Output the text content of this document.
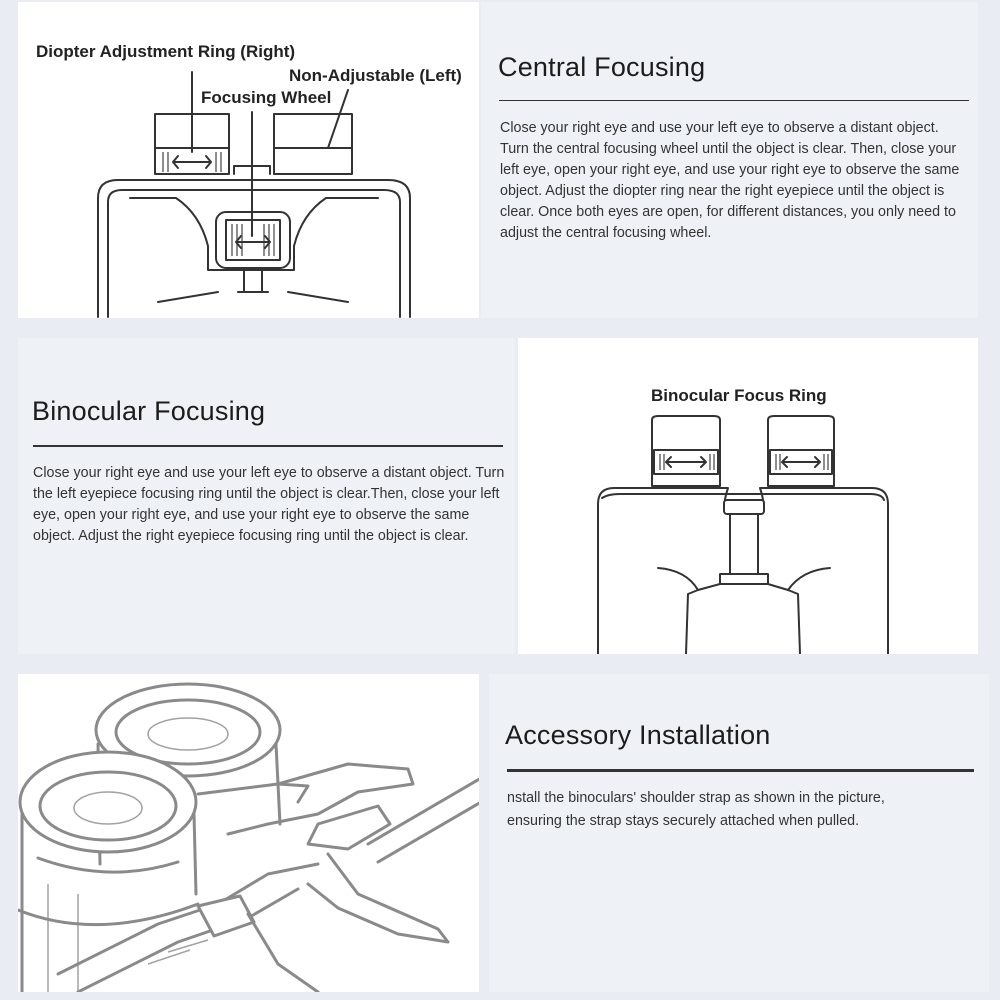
Diopter Adjustment Ring (Right)

Non-Adjustable (Left)

Focusing Wheel

Central Focusing

Close your right eye and use your left eye to observe a distant object. Turn the central focusing wheel until the object is clear. Then, close your left eye, open your right eye, and use your right eye to observe the same object. Adjust the diopter ring near the right eyepiece until the object is clear. Once both eyes are open, for different distances, you only need to adjust the central focusing wheel.

Binocular Focusing

Close your right eye and use your left eye to observe a distant object. Turn the left eyepiece focusing ring until the object is clear.Then, close your left eye, open your right eye, and use your right eye to observe the same object. Adjust the right eyepiece focusing ring until the object is clear.

Binocular Focus Ring

Accessory Installation

nstall the binoculars' shoulder strap as shown in the picture, ensuring the strap stays securely attached when pulled.
